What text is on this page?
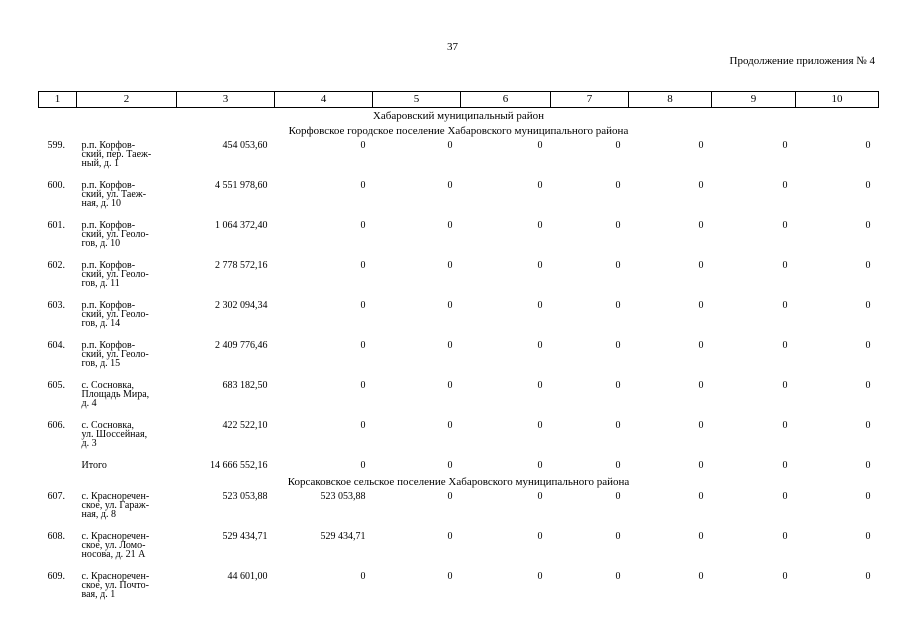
37
Продолжение приложения № 4
1	2	3	4	5	6	7	8	9	10
Хабаровский муниципальный район									
Корфовское городское поселение Хабаровского муниципального района									
599.	р.п. Корфов-
ский, пер. Таеж-
ный, д. 1	454 053,60	0	0	0	0	0	0	0
600.	р.п. Корфов-
ский, ул. Таеж-
ная, д. 10	4 551 978,60	0	0	0	0	0	0	0
601.	р.п. Корфов-
ский, ул. Геоло-
гов, д. 10	1 064 372,40	0	0	0	0	0	0	0
602.	р.п. Корфов-
ский, ул. Геоло-
гов, д. 11	2 778 572,16	0	0	0	0	0	0	0
603.	р.п. Корфов-
ский, ул. Геоло-
гов, д. 14	2 302 094,34	0	0	0	0	0	0	0
604.	р.п. Корфов-
ский, ул. Геоло-
гов, д. 15	2 409 776,46	0	0	0	0	0	0	0
605.	с. Сосновка,
Площадь Мира,
д. 4	683 182,50	0	0	0	0	0	0	0
606.	с. Сосновка,
ул. Шоссейная,
д. 3	422 522,10	0	0	0	0	0	0	0
	Итого	14 666 552,16	0	0	0	0	0	0	0
Корсаковское сельское поселение Хабаровского муниципального района									
607.	с. Красноречен-
ское, ул. Гараж-
ная, д. 8	523 053,88	523 053,88	0	0	0	0	0	0
608.	с. Красноречен-
ское, ул. Ломо-
носова, д. 21 А	529 434,71	529 434,71	0	0	0	0	0	0
609.	с. Красноречен-
ское, ул. Почто-
вая, д. 1	44 601,00	0	0	0	0	0	0	0
